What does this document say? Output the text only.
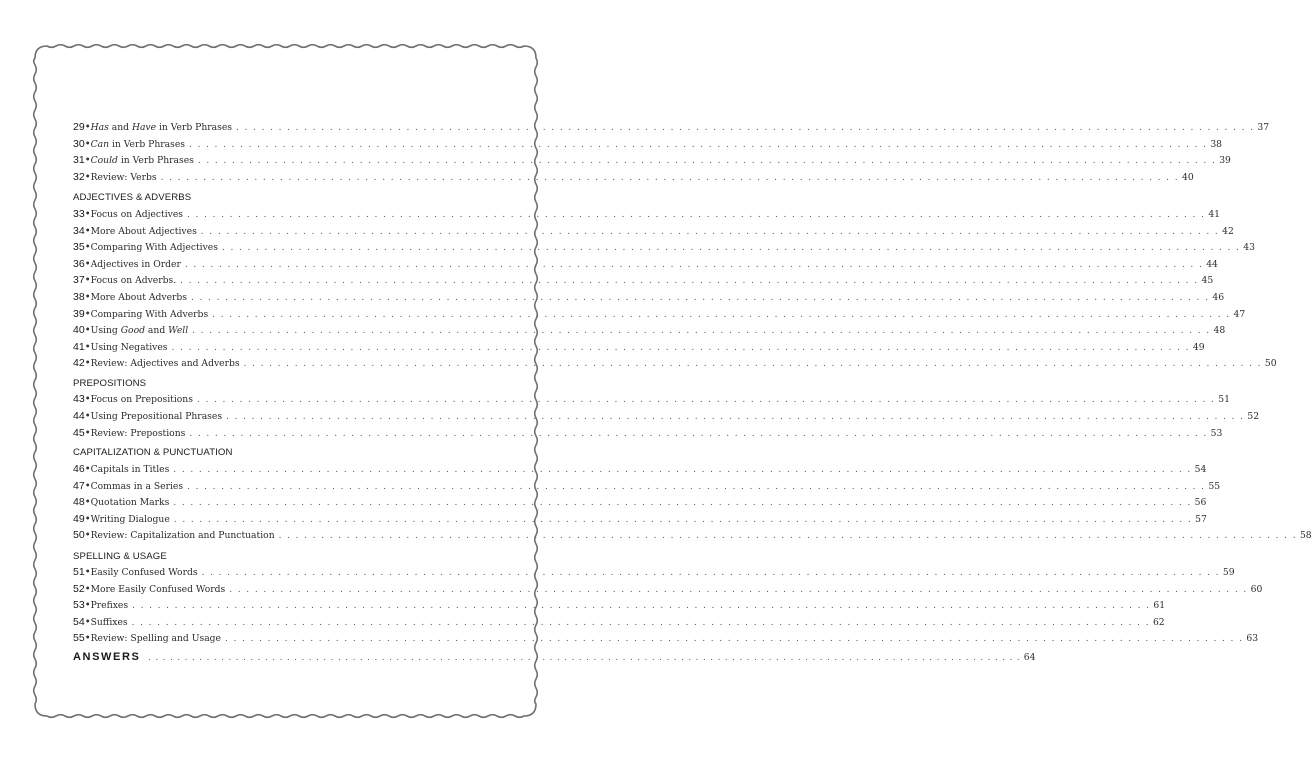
29 • Has and Have in Verb Phrases . . . . . . . . . . . . . . . . . . . . . . . . . . . . . . . . . . . . . . . . . . . . . . . . . . . . . . . . . . . . . . . . . . . . . . . . . . . . . . . . . . . . . . . . . . . . . . . . . . . . . . . . . . . . . . . . . . . . . . . . 37
30 • Can in Verb Phrases . . . . . . . . . . . . . . . . . . . . . . . . . . . . . . . . . . . . . . . . . . . . . . . . . . . . . . . . . . . . . . . . . . . . . . . . . . . . . . . . . . . . . . . . . . . . . . . . . . . . . . . . . . . . . . . . . . . . . . . . 38
31 • Could in Verb Phrases . . . . . . . . . . . . . . . . . . . . . . . . . . . . . . . . . . . . . . . . . . . . . . . . . . . . . . . . . . . . . . . . . . . . . . . . . . . . . . . . . . . . . . . . . . . . . . . . . . . . . . . . . . . . . . . . . . . . . . . . 39
32 • Review: Verbs . . . . . . . . . . . . . . . . . . . . . . . . . . . . . . . . . . . . . . . . . . . . . . . . . . . . . . . . . . . . . . . . . . . . . . . . . . . . . . . . . . . . . . . . . . . . . . . . . . . . . . . . . . . . . . . . . . . . . . . . 40
ADJECTIVES & ADVERBS
33 • Focus on Adjectives . . . . . . . . . . . . . . . . . . . . . . . . . . . . . . . . . . . . . . . . . . . . . . . . . . . . . . . . . . . . . . . . . . . . . . . . . . . . . . . . . . . . . . . . . . . . . . . . . . . . . . . . . . . . . . . . . . . . . . . . 41
34 • More About Adjectives . . . . . . . . . . . . . . . . . . . . . . . . . . . . . . . . . . . . . . . . . . . . . . . . . . . . . . . . . . . . . . . . . . . . . . . . . . . . . . . . . . . . . . . . . . . . . . . . . . . . . . . . . . . . . . . . . . . . . . . . 42
35 • Comparing With Adjectives . . . . . . . . . . . . . . . . . . . . . . . . . . . . . . . . . . . . . . . . . . . . . . . . . . . . . . . . . . . . . . . . . . . . . . . . . . . . . . . . . . . . . . . . . . . . . . . . . . . . . . . . . . . . . . . . . . . . . . . . 43
36 • Adjectives in Order . . . . . . . . . . . . . . . . . . . . . . . . . . . . . . . . . . . . . . . . . . . . . . . . . . . . . . . . . . . . . . . . . . . . . . . . . . . . . . . . . . . . . . . . . . . . . . . . . . . . . . . . . . . . . . . . . . . . . . . . 44
37 • Focus on Adverbs. . . . . . . . . . . . . . . . . . . . . . . . . . . . . . . . . . . . . . . . . . . . . . . . . . . . . . . . . . . . . . . . . . . . . . . . . . . . . . . . . . . . . . . . . . . . . . . . . . . . . . . . . . . . . . . . . . . . . . . . . 45
38 • More About Adverbs . . . . . . . . . . . . . . . . . . . . . . . . . . . . . . . . . . . . . . . . . . . . . . . . . . . . . . . . . . . . . . . . . . . . . . . . . . . . . . . . . . . . . . . . . . . . . . . . . . . . . . . . . . . . . . . . . . . . . . . . 46
39 • Comparing With Adverbs . . . . . . . . . . . . . . . . . . . . . . . . . . . . . . . . . . . . . . . . . . . . . . . . . . . . . . . . . . . . . . . . . . . . . . . . . . . . . . . . . . . . . . . . . . . . . . . . . . . . . . . . . . . . . . . . . . . . . . . . 47
40 • Using Good and Well . . . . . . . . . . . . . . . . . . . . . . . . . . . . . . . . . . . . . . . . . . . . . . . . . . . . . . . . . . . . . . . . . . . . . . . . . . . . . . . . . . . . . . . . . . . . . . . . . . . . . . . . . . . . . . . . . . . . . . . . 48
41 • Using Negatives . . . . . . . . . . . . . . . . . . . . . . . . . . . . . . . . . . . . . . . . . . . . . . . . . . . . . . . . . . . . . . . . . . . . . . . . . . . . . . . . . . . . . . . . . . . . . . . . . . . . . . . . . . . . . . . . . . . . . . . . 49
42 • Review: Adjectives and Adverbs . . . . . . . . . . . . . . . . . . . . . . . . . . . . . . . . . . . . . . . . . . . . . . . . . . . . . . . . . . . . . . . . . . . . . . . . . . . . . . . . . . . . . . . . . . . . . . . . . . . . . . . . . . . . . . . . . . . . . . . . 50
PREPOSITIONS
43 • Focus on Prepositions . . . . . . . . . . . . . . . . . . . . . . . . . . . . . . . . . . . . . . . . . . . . . . . . . . . . . . . . . . . . . . . . . . . . . . . . . . . . . . . . . . . . . . . . . . . . . . . . . . . . . . . . . . . . . . . . . . . . . . . . 51
44 • Using Prepositional Phrases . . . . . . . . . . . . . . . . . . . . . . . . . . . . . . . . . . . . . . . . . . . . . . . . . . . . . . . . . . . . . . . . . . . . . . . . . . . . . . . . . . . . . . . . . . . . . . . . . . . . . . . . . . . . . . . . . . . . . . . . 52
45 • Review: Prepostions . . . . . . . . . . . . . . . . . . . . . . . . . . . . . . . . . . . . . . . . . . . . . . . . . . . . . . . . . . . . . . . . . . . . . . . . . . . . . . . . . . . . . . . . . . . . . . . . . . . . . . . . . . . . . . . . . . . . . . . . 53
CAPITALIZATION & PUNCTUATION
46 • Capitals in Titles . . . . . . . . . . . . . . . . . . . . . . . . . . . . . . . . . . . . . . . . . . . . . . . . . . . . . . . . . . . . . . . . . . . . . . . . . . . . . . . . . . . . . . . . . . . . . . . . . . . . . . . . . . . . . . . . . . . . . . . . 54
47 • Commas in a Series . . . . . . . . . . . . . . . . . . . . . . . . . . . . . . . . . . . . . . . . . . . . . . . . . . . . . . . . . . . . . . . . . . . . . . . . . . . . . . . . . . . . . . . . . . . . . . . . . . . . . . . . . . . . . . . . . . . . . . . . 55
48 • Quotation Marks . . . . . . . . . . . . . . . . . . . . . . . . . . . . . . . . . . . . . . . . . . . . . . . . . . . . . . . . . . . . . . . . . . . . . . . . . . . . . . . . . . . . . . . . . . . . . . . . . . . . . . . . . . . . . . . . . . . . . . . . 56
49 • Writing Dialogue . . . . . . . . . . . . . . . . . . . . . . . . . . . . . . . . . . . . . . . . . . . . . . . . . . . . . . . . . . . . . . . . . . . . . . . . . . . . . . . . . . . . . . . . . . . . . . . . . . . . . . . . . . . . . . . . . . . . . . . . 57
50 • Review: Capitalization and Punctuation . . . . . . . . . . . . . . . . . . . . . . . . . . . . . . . . . . . . . . . . . . . . . . . . . . . . . . . . . . . . . . . . . . . . . . . . . . . . . . . . . . . . . . . . . . . . . . . . . . . . . . . . . . . . . . . . . . . . . . . . 58
SPELLING & USAGE
51 • Easily Confused Words . . . . . . . . . . . . . . . . . . . . . . . . . . . . . . . . . . . . . . . . . . . . . . . . . . . . . . . . . . . . . . . . . . . . . . . . . . . . . . . . . . . . . . . . . . . . . . . . . . . . . . . . . . . . . . . . . . . . . . . . 59
52 • More Easily Confused Words . . . . . . . . . . . . . . . . . . . . . . . . . . . . . . . . . . . . . . . . . . . . . . . . . . . . . . . . . . . . . . . . . . . . . . . . . . . . . . . . . . . . . . . . . . . . . . . . . . . . . . . . . . . . . . . . . . . . . . . . 60
53 • Prefixes . . . . . . . . . . . . . . . . . . . . . . . . . . . . . . . . . . . . . . . . . . . . . . . . . . . . . . . . . . . . . . . . . . . . . . . . . . . . . . . . . . . . . . . . . . . . . . . . . . . . . . . . . . . . . . . . . . . . . . . . 61
54 • Suffixes . . . . . . . . . . . . . . . . . . . . . . . . . . . . . . . . . . . . . . . . . . . . . . . . . . . . . . . . . . . . . . . . . . . . . . . . . . . . . . . . . . . . . . . . . . . . . . . . . . . . . . . . . . . . . . . . . . . . . . . . 62
55 • Review: Spelling and Usage . . . . . . . . . . . . . . . . . . . . . . . . . . . . . . . . . . . . . . . . . . . . . . . . . . . . . . . . . . . . . . . . . . . . . . . . . . . . . . . . . . . . . . . . . . . . . . . . . . . . . . . . . . . . . . . . . . . . . . . . 63
ANSWERS . . . . . . . . . . . . . . . . . . . . . . . . . . . . . . . . . . . . . . . . . . . . . . . . . . . . . . . . . . . . . . . . . . . . . . . . . . . . . . . . . . . . . . . . . . . . . . . . . . . . . . . . . . . . . . . . . . . . . . . . 64
